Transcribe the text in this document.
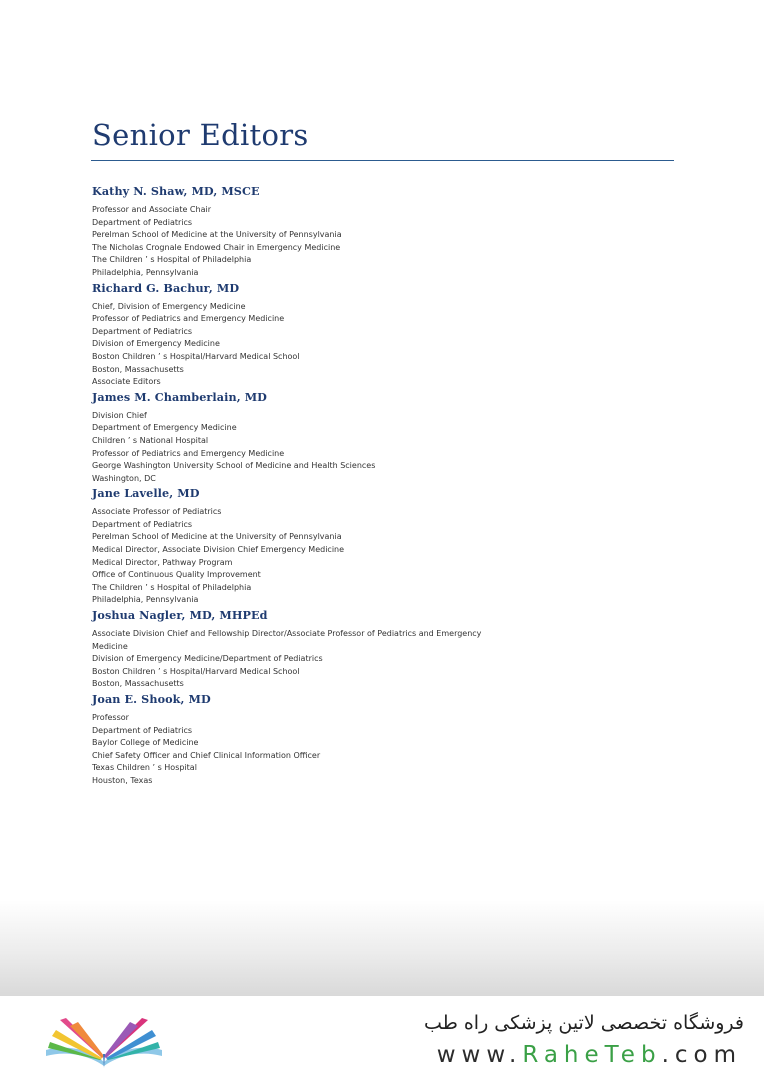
Senior Editors
Kathy N. Shaw, MD, MSCE
Professor and Associate Chair
Department of Pediatrics
Perelman School of Medicine at the University of Pennsylvania
The Nicholas Crognale Endowed Chair in Emergency Medicine
The Children ’ s Hospital of Philadelphia
Philadelphia, Pennsylvania
Richard G. Bachur, MD
Chief, Division of Emergency Medicine
Professor of Pediatrics and Emergency Medicine
Department of Pediatrics
Division of Emergency Medicine
Boston Children ’ s Hospital/Harvard Medical School
Boston, Massachusetts
Associate Editors
James M. Chamberlain, MD
Division Chief
Department of Emergency Medicine
Children ’ s National Hospital
Professor of Pediatrics and Emergency Medicine
George Washington University School of Medicine and Health Sciences
Washington, DC
Jane Lavelle, MD
Associate Professor of Pediatrics
Department of Pediatrics
Perelman School of Medicine at the University of Pennsylvania
Medical Director, Associate Division Chief Emergency Medicine
Medical Director, Pathway Program
Office of Continuous Quality Improvement
The Children ’ s Hospital of Philadelphia
Philadelphia, Pennsylvania
Joshua Nagler, MD, MHPEd
Associate Division Chief and Fellowship Director/Associate Professor of Pediatrics and Emergency
Medicine
Division of Emergency Medicine/Department of Pediatrics
Boston Children ’ s Hospital/Harvard Medical School
Boston, Massachusetts
Joan E. Shook, MD
Professor
Department of Pediatrics
Baylor College of Medicine
Chief Safety Officer and Chief Clinical Information Officer
Texas Children ’ s Hospital
Houston, Texas
فروشگاه تخصصی لاتین پزشکی راه طب
www.RaheTeb.com
